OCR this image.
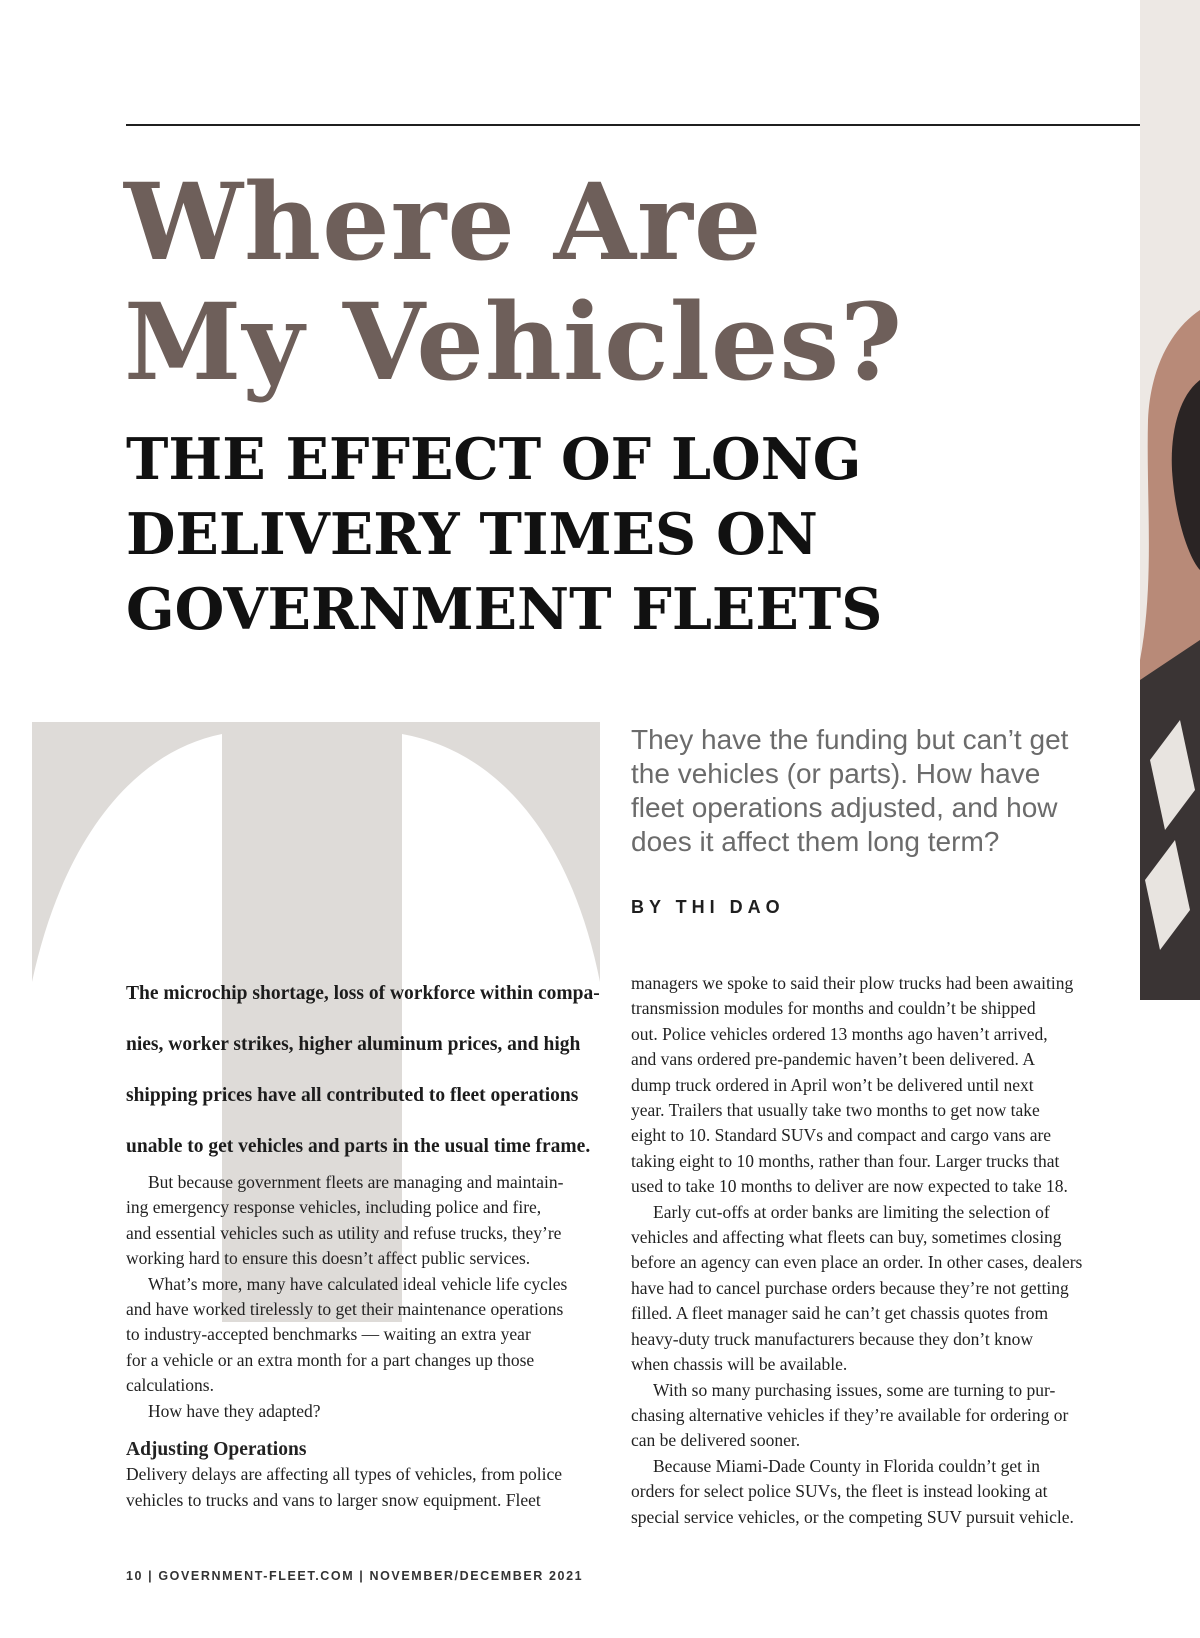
Where Are
My Vehicles?
THE EFFECT OF LONG
DELIVERY TIMES ON
GOVERNMENT FLEETS
They have the funding but can’t get
the vehicles (or parts). How have
fleet operations adjusted, and how
does it affect them long term?
BY THI DAO
The microchip shortage, loss of workforce within compa-
nies, worker strikes, higher aluminum prices, and high
shipping prices have all contributed to fleet operations
unable to get vehicles and parts in the usual time frame.
But because government fleets are managing and maintain-
ing emergency response vehicles, including police and fire,
and essential vehicles such as utility and refuse trucks, they’re
working hard to ensure this doesn’t affect public services.
What’s more, many have calculated ideal vehicle life cycles
and have worked tirelessly to get their maintenance operations
to industry-accepted benchmarks — waiting an extra year
for a vehicle or an extra month for a part changes up those
calculations.
How have they adapted?
Adjusting Operations
Delivery delays are affecting all types of vehicles, from police
vehicles to trucks and vans to larger snow equipment. Fleet
managers we spoke to said their plow trucks had been awaiting
transmission modules for months and couldn’t be shipped
out. Police vehicles ordered 13 months ago haven’t arrived,
and vans ordered pre-pandemic haven’t been delivered. A
dump truck ordered in April won’t be delivered until next
year. Trailers that usually take two months to get now take
eight to 10. Standard SUVs and compact and cargo vans are
taking eight to 10 months, rather than four. Larger trucks that
used to take 10 months to deliver are now expected to take 18.
Early cut-offs at order banks are limiting the selection of
vehicles and affecting what fleets can buy, sometimes closing
before an agency can even place an order. In other cases, dealers
have had to cancel purchase orders because they’re not getting
filled. A fleet manager said he can’t get chassis quotes from
heavy-duty truck manufacturers because they don’t know
when chassis will be available.
With so many purchasing issues, some are turning to pur-
chasing alternative vehicles if they’re available for ordering or
can be delivered sooner.
Because Miami-Dade County in Florida couldn’t get in
orders for select police SUVs, the fleet is instead looking at
special service vehicles, or the competing SUV pursuit vehicle.
10 | GOVERNMENT-FLEET.COM | NOVEMBER/DECEMBER 2021
